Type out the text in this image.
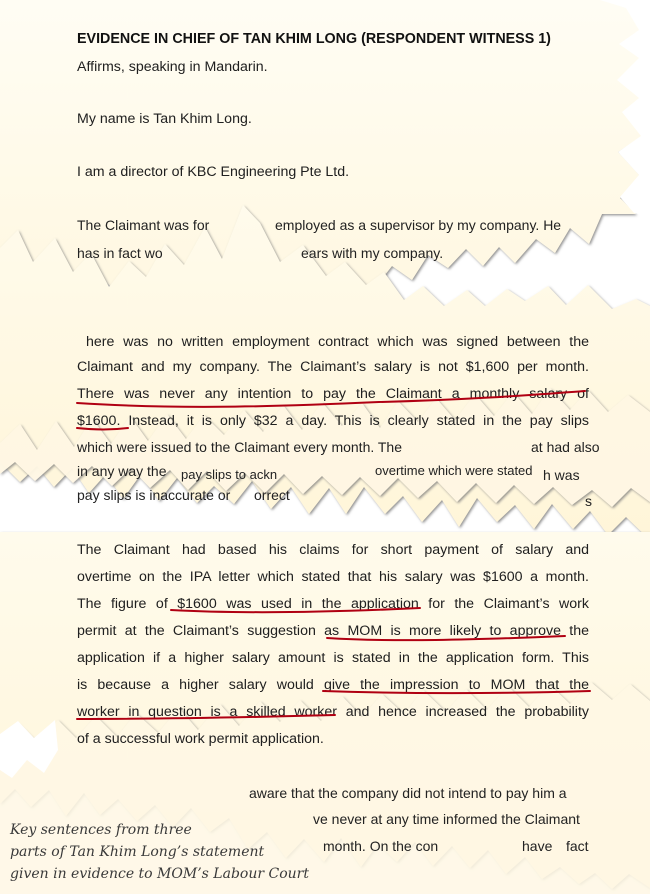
EVIDENCE IN CHIEF OF TAN KHIM LONG (RESPONDENT WITNESS 1)
Affirms, speaking in Mandarin.
My name is Tan Khim Long.
I am a director of KBC Engineering Pte Ltd.
The Claimant was for	employed as a supervisor by my company. He
has in fact wo	ears with my company.
here was no written employment contract which was signed between the
Claimant and my company. The Claimant’s salary is not $1,600 per month.
There was never any intention to pay the Claimant a monthly salary of
$1600. Instead, it is only $32 a day. This is clearly stated in the pay slips
which were issued to the Claimant every month. The	at had also
in any way the pay slips to ackn	overtime which were stated h was
pay slips is inaccurate or orrect	s
The Claimant had based his claims for short payment of salary and
overtime on the IPA letter which stated that his salary was $1600 a month.
The figure of $1600 was used in the application for the Claimant’s work
permit at the Claimant’s suggestion as MOM is more likely to approve the
application if a higher salary amount is stated in the application form. This
is because a higher salary would give the impression to MOM that the
worker in question is a skilled worker and hence increased the probability
of a successful work permit application.
aware that the company did not intend to pay him a
ve never at any time informed the Claimant
month. On the con	have fact
Key sentences from three
parts of Tan Khim Long’s statement
given in evidence to MOM’s Labour Court
